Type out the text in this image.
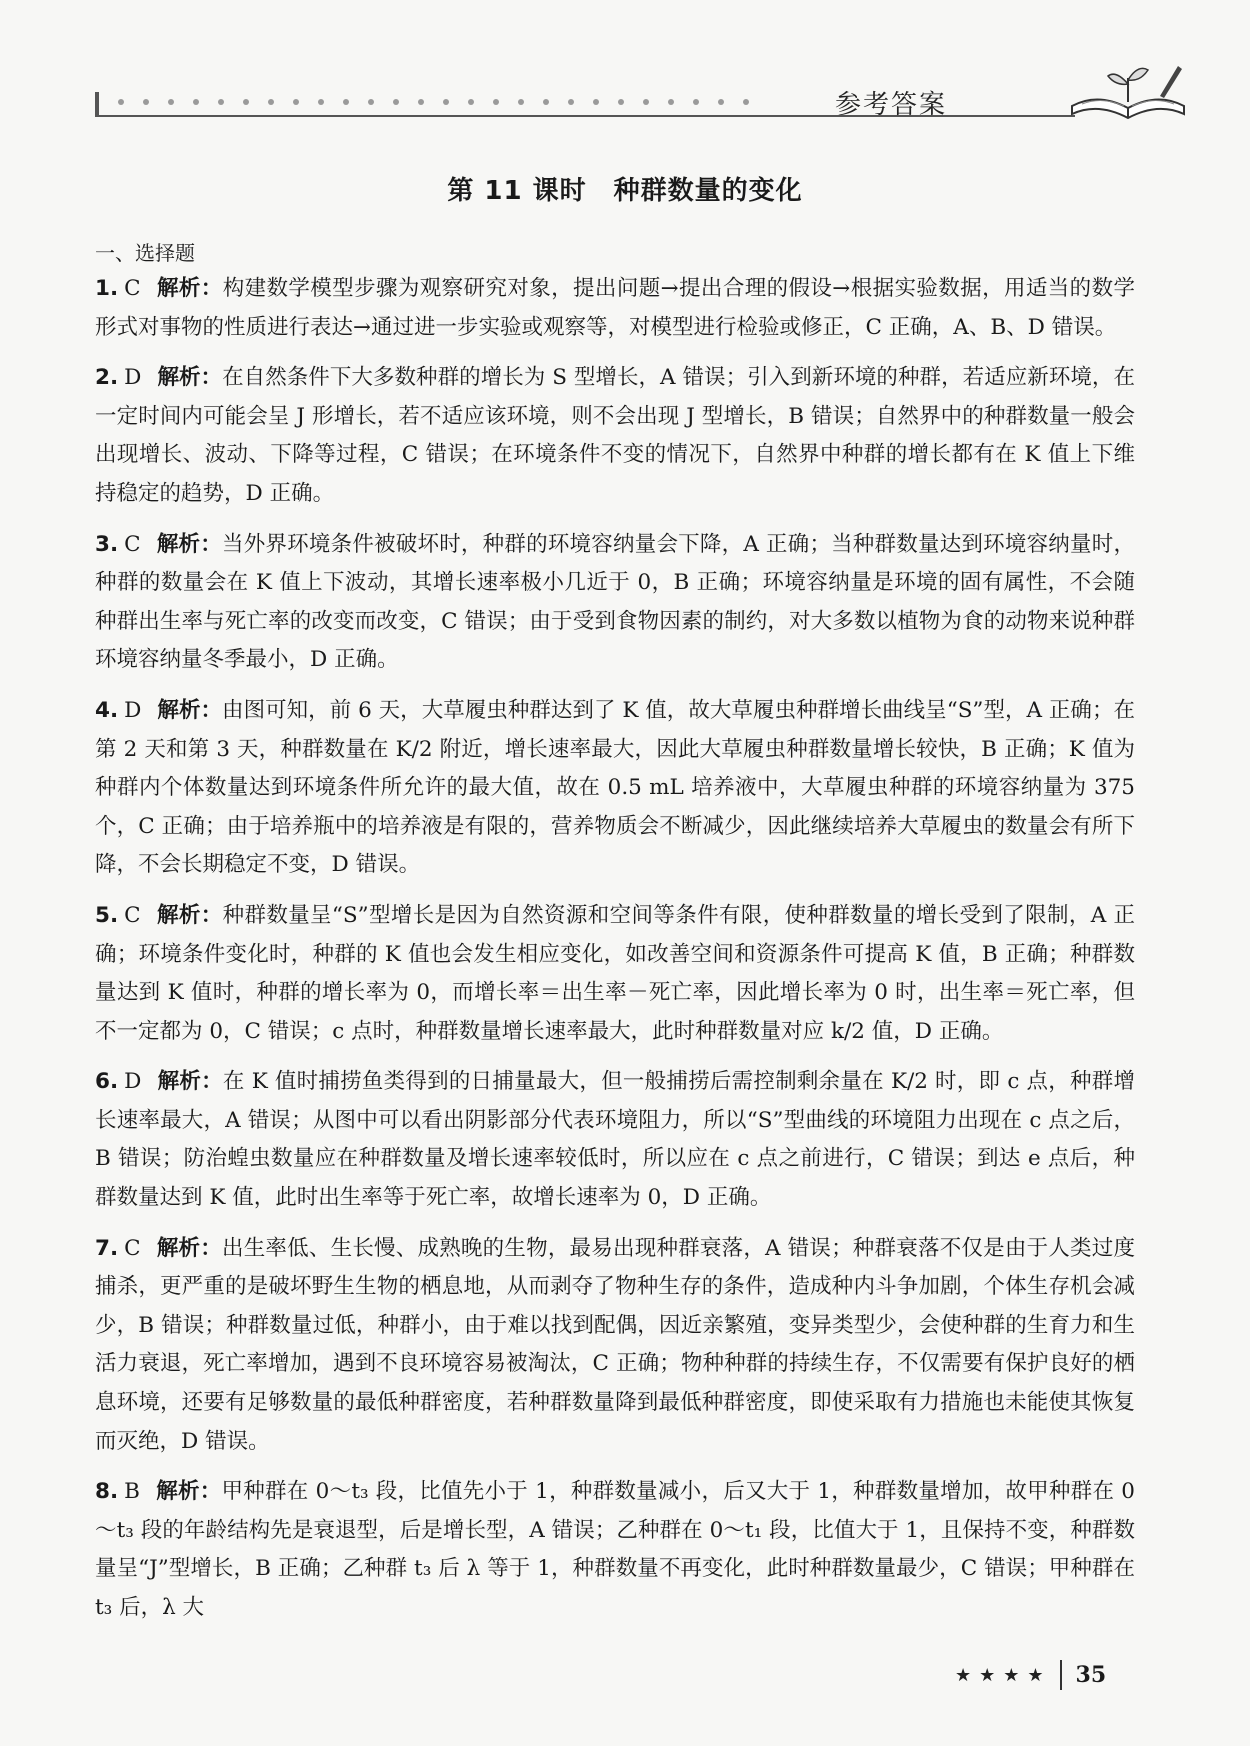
参考答案
第 11 课时　种群数量的变化
一、选择题
1. C 解析：构建数学模型步骤为观察研究对象，提出问题→提出合理的假设→根据实验数据，用适当的数学形式对事物的性质进行表达→通过进一步实验或观察等，对模型进行检验或修正，C 正确，A、B、D 错误。
2. D 解析：在自然条件下大多数种群的增长为 S 型增长，A 错误；引入到新环境的种群，若适应新环境，在一定时间内可能会呈 J 形增长，若不适应该环境，则不会出现 J 型增长，B 错误；自然界中的种群数量一般会出现增长、波动、下降等过程，C 错误；在环境条件不变的情况下，自然界中种群的增长都有在 K 值上下维持稳定的趋势，D 正确。
3. C 解析：当外界环境条件被破坏时，种群的环境容纳量会下降，A 正确；当种群数量达到环境容纳量时，种群的数量会在 K 值上下波动，其增长速率极小几近于 0，B 正确；环境容纳量是环境的固有属性，不会随种群出生率与死亡率的改变而改变，C 错误；由于受到食物因素的制约，对大多数以植物为食的动物来说种群环境容纳量冬季最小，D 正确。
4. D 解析：由图可知，前 6 天，大草履虫种群达到了 K 值，故大草履虫种群增长曲线呈“S”型，A 正确；在第 2 天和第 3 天，种群数量在 K/2 附近，增长速率最大，因此大草履虫种群数量增长较快，B 正确；K 值为种群内个体数量达到环境条件所允许的最大值，故在 0.5 mL 培养液中，大草履虫种群的环境容纳量为 375 个，C 正确；由于培养瓶中的培养液是有限的，营养物质会不断减少，因此继续培养大草履虫的数量会有所下降，不会长期稳定不变，D 错误。
5. C 解析：种群数量呈“S”型增长是因为自然资源和空间等条件有限，使种群数量的增长受到了限制，A 正确；环境条件变化时，种群的 K 值也会发生相应变化，如改善空间和资源条件可提高 K 值，B 正确；种群数量达到 K 值时，种群的增长率为 0，而增长率＝出生率－死亡率，因此增长率为 0 时，出生率＝死亡率，但不一定都为 0，C 错误；c 点时，种群数量增长速率最大，此时种群数量对应 k/2 值，D 正确。
6. D 解析：在 K 值时捕捞鱼类得到的日捕量最大，但一般捕捞后需控制剩余量在 K/2 时，即 c 点，种群增长速率最大，A 错误；从图中可以看出阴影部分代表环境阻力，所以“S”型曲线的环境阻力出现在 c 点之后，B 错误；防治蝗虫数量应在种群数量及增长速率较低时，所以应在 c 点之前进行，C 错误；到达 e 点后，种群数量达到 K 值，此时出生率等于死亡率，故增长速率为 0，D 正确。
7. C 解析：出生率低、生长慢、成熟晚的生物，最易出现种群衰落，A 错误；种群衰落不仅是由于人类过度捕杀，更严重的是破坏野生生物的栖息地，从而剥夺了物种生存的条件，造成种内斗争加剧，个体生存机会减少，B 错误；种群数量过低，种群小，由于难以找到配偶，因近亲繁殖，变异类型少，会使种群的生育力和生活力衰退，死亡率增加，遇到不良环境容易被淘汰，C 正确；物种种群的持续生存，不仅需要有保护良好的栖息环境，还要有足够数量的最低种群密度，若种群数量降到最低种群密度，即使采取有力措施也未能使其恢复而灭绝，D 错误。
8. B 解析：甲种群在 0～t₃ 段，比值先小于 1，种群数量减小，后又大于 1，种群数量增加，故甲种群在 0～t₃ 段的年龄结构先是衰退型，后是增长型，A 错误；乙种群在 0～t₁ 段，比值大于 1，且保持不变，种群数量呈“J”型增长，B 正确；乙种群 t₃ 后 λ 等于 1，种群数量不再变化，此时种群数量最少，C 错误；甲种群在 t₃ 后，λ 大
★★★★ 35
